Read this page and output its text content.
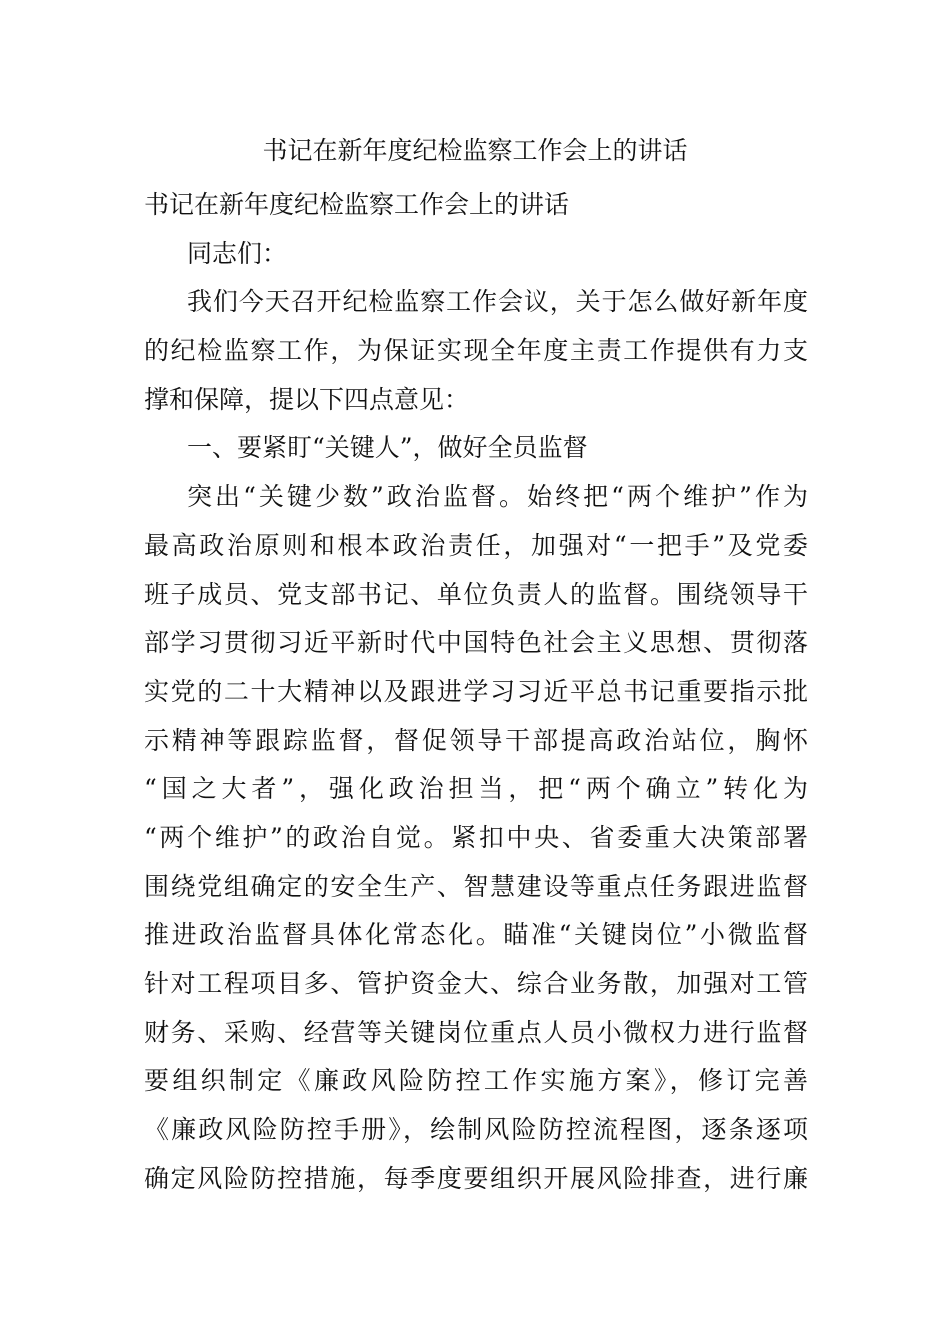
书记在新年度纪检监察工作会上的讲话
书记在新年度纪检监察工作会上的讲话
同志们：
我们今天召开纪检监察工作会议，关于怎么做好新年度
的纪检监察工作，为保证实现全年度主责工作提供有力支
撑和保障，提以下四点意见：
一、要紧盯“关键人”，做好全员监督
突出“关键少数”政治监督。始终把“两个维护”作为
最高政治原则和根本政治责任，加强对“一把手”及党委
班子成员、党支部书记、单位负责人的监督。围绕领导干
部学习贯彻习近平新时代中国特色社会主义思想、贯彻落
实党的二十大精神以及跟进学习习近平总书记重要指示批
示精神等跟踪监督，督促领导干部提高政治站位，胸怀
“国之大者”，强化政治担当，把“两个确立”转化为
“两个维护”的政治自觉。紧扣中央、省委重大决策部署
围绕党组确定的安全生产、智慧建设等重点任务跟进监督
推进政治监督具体化常态化。瞄准“关键岗位”小微监督
针对工程项目多、管护资金大、综合业务散，加强对工管
财务、采购、经营等关键岗位重点人员小微权力进行监督
要组织制定《廉政风险防控工作实施方案》，修订完善
《廉政风险防控手册》，绘制风险防控流程图，逐条逐项
确定风险防控措施，每季度要组织开展风险排查，进行廉
